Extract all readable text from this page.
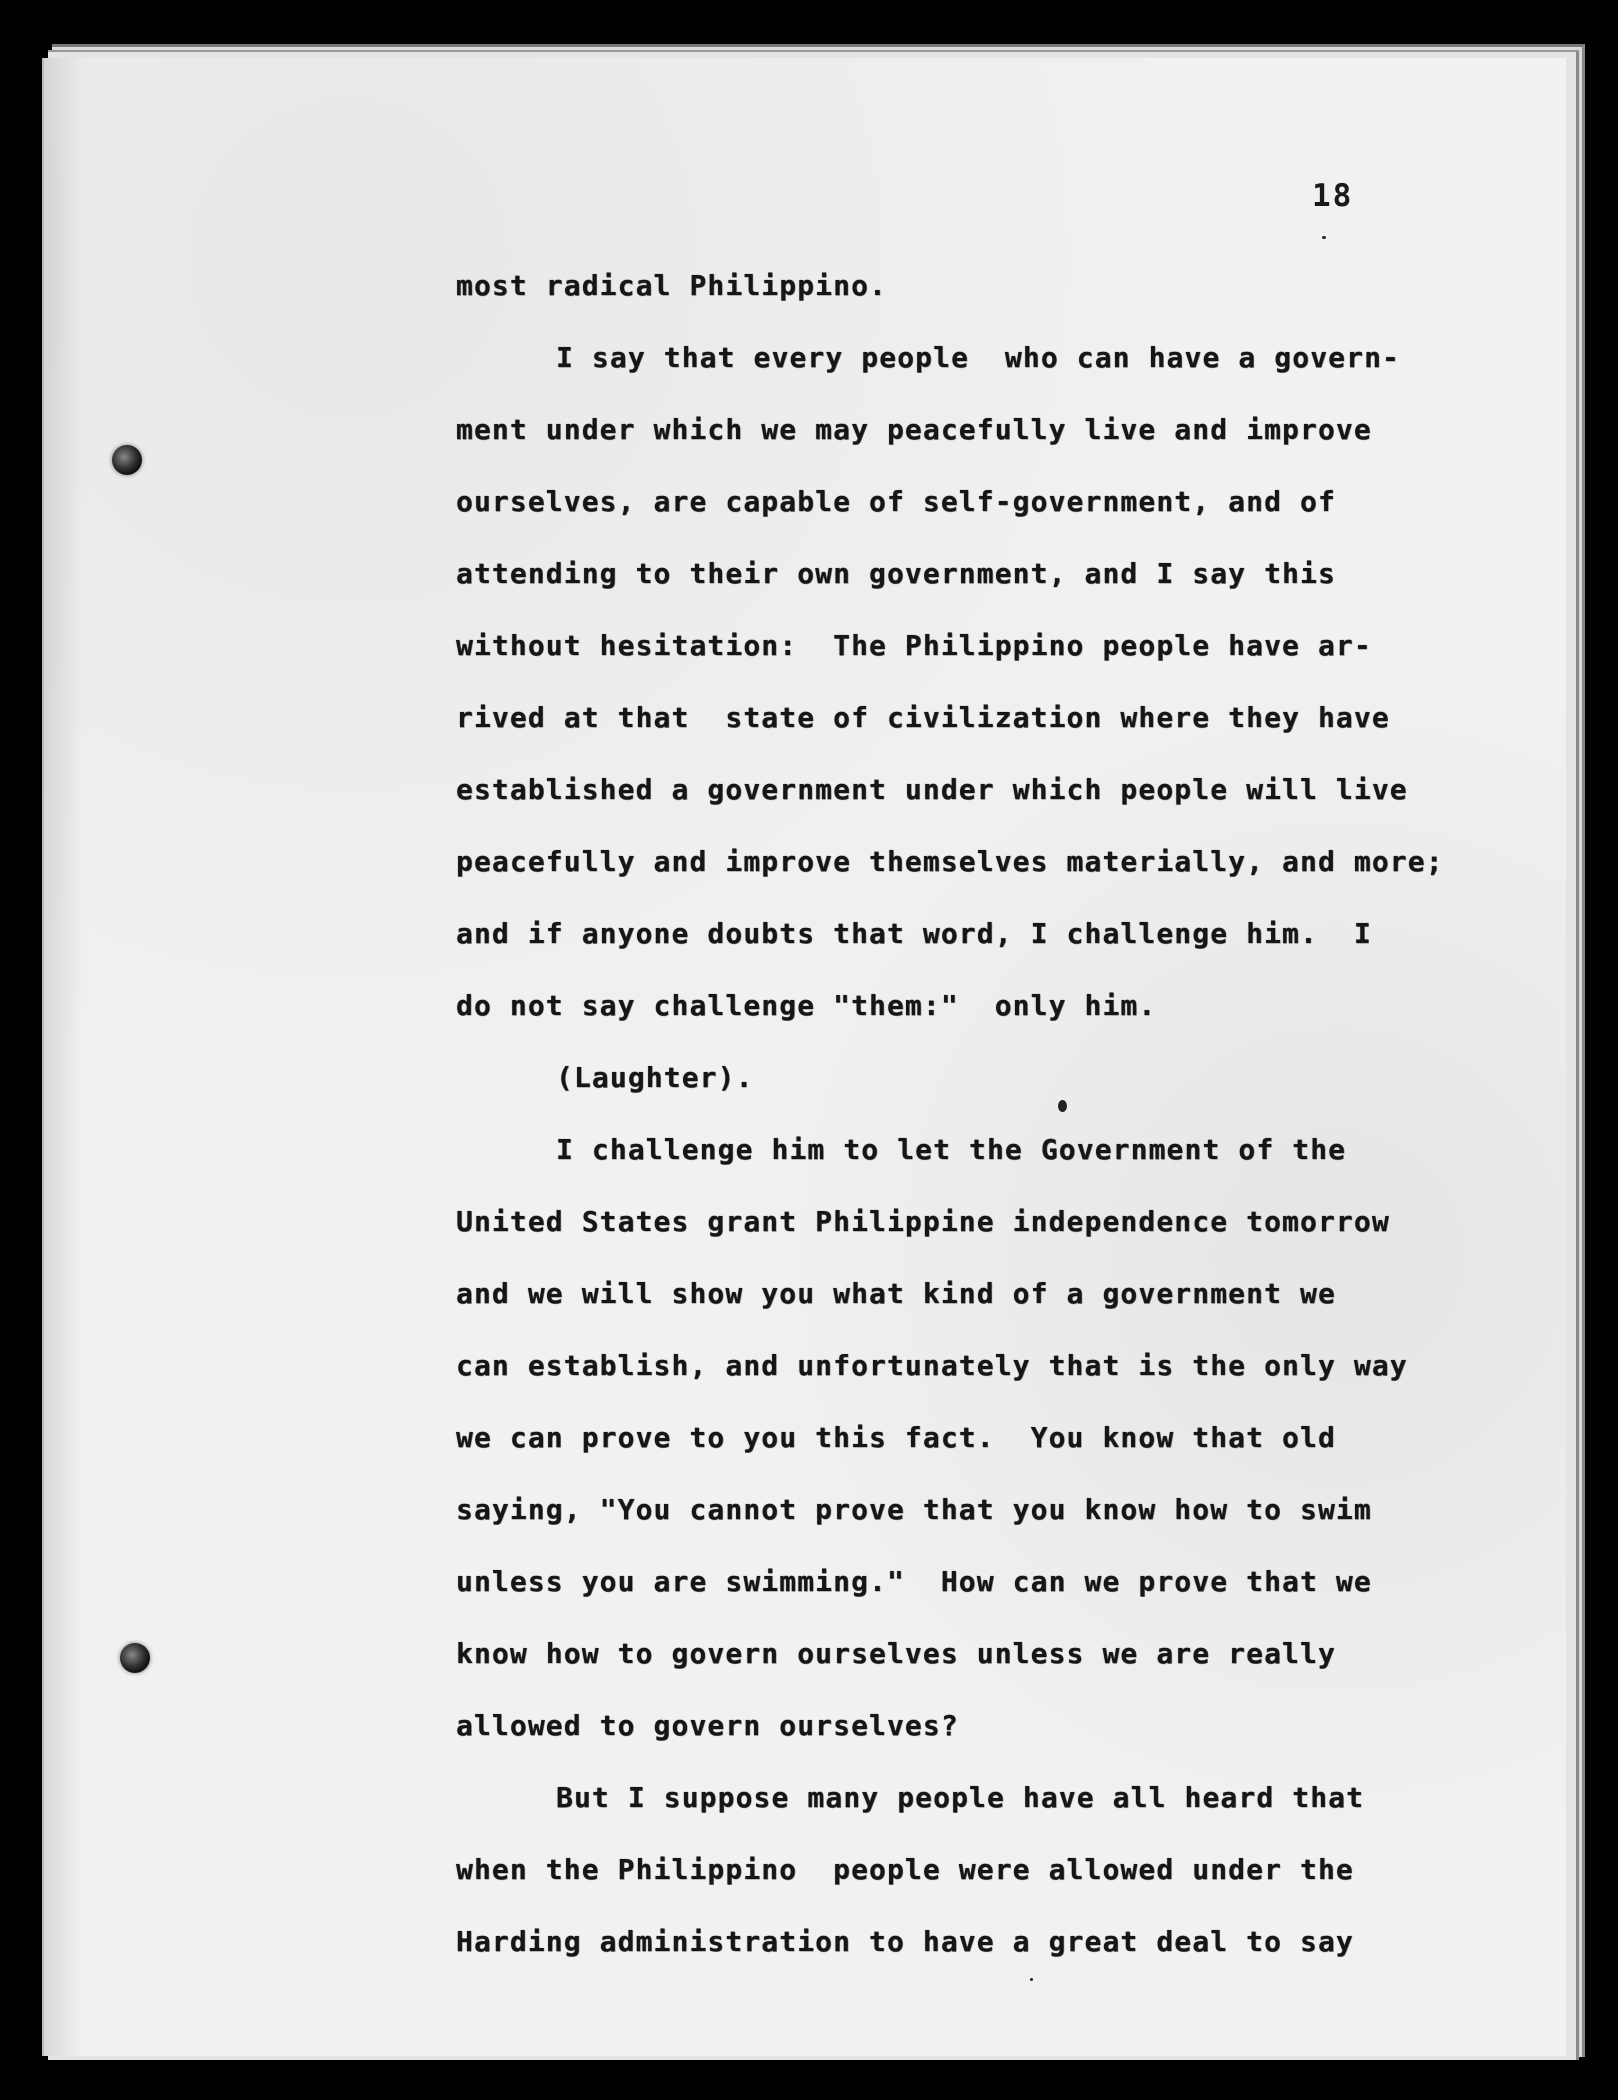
18
most radical Philippino.
I say that every people  who can have a govern-
ment under which we may peacefully live and improve
ourselves, are capable of self-government, and of
attending to their own government, and I say this
without hesitation:  The Philippino people have ar-
rived at that  state of civilization where they have
established a government under which people will live
peacefully and improve themselves materially, and more;
and if anyone doubts that word, I challenge him.  I
do not say challenge "them:"  only him.
(Laughter).
I challenge him to let the Government of the
United States grant Philippine independence tomorrow
and we will show you what kind of a government we
can establish, and unfortunately that is the only way
we can prove to you this fact.  You know that old
saying, "You cannot prove that you know how to swim
unless you are swimming."  How can we prove that we
know how to govern ourselves unless we are really
allowed to govern ourselves?
But I suppose many people have all heard that
when the Philippino  people were allowed under the
Harding administration to have a great deal to say
